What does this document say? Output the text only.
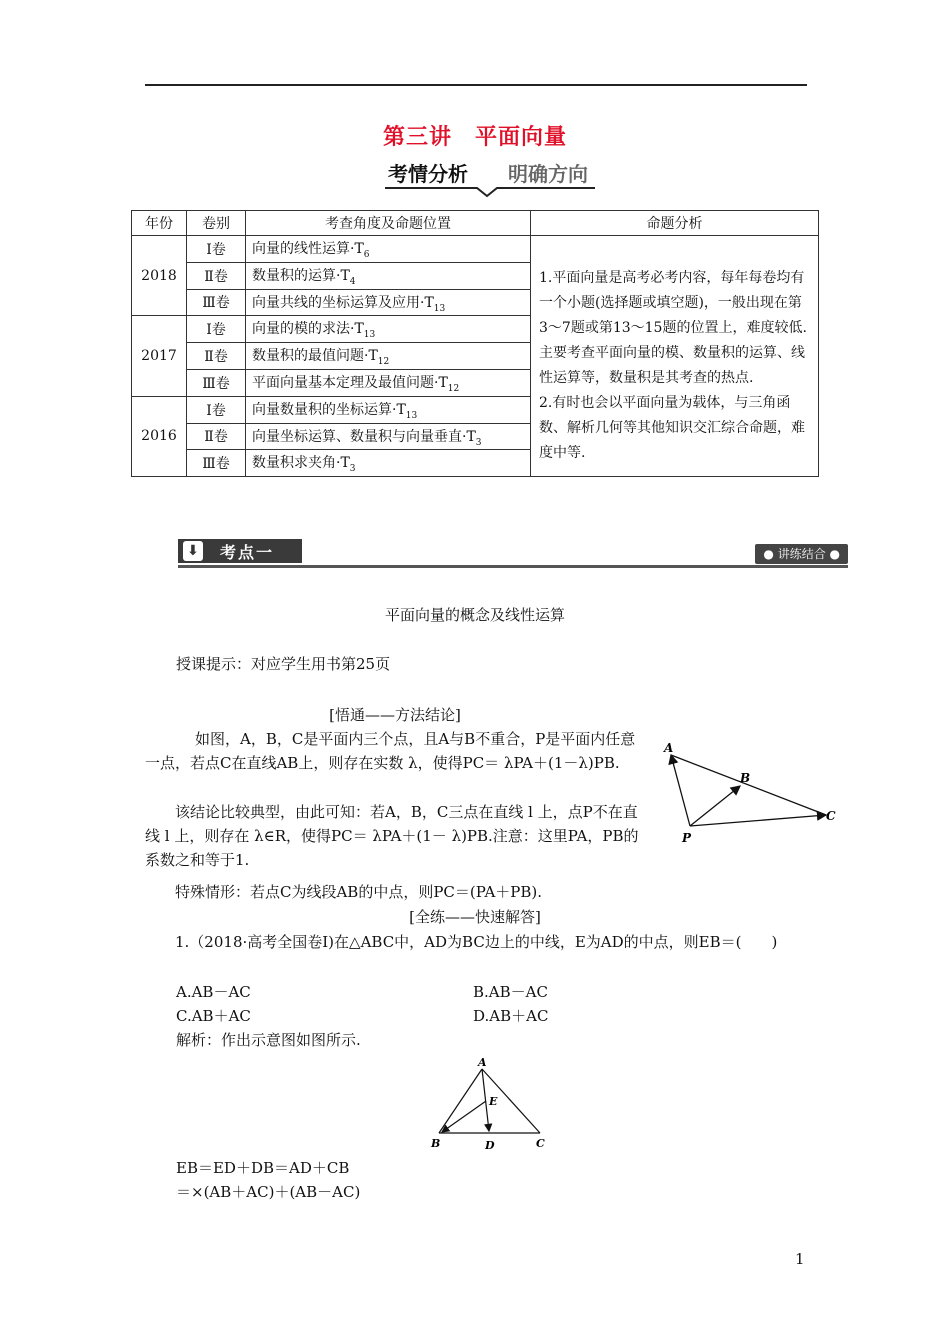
第三讲　平面向量
考情分析 明确方向
年份	卷别	考查角度及命题位置	命题分析
2018	Ⅰ卷	向量的线性运算$\cdot T_6$	1.平面向量是高考必考内容，每年每卷均有一个小题(选择题或填空题)，一般出现在第3～7题或第13～15题的位置上，难度较低.主要考查平面向量的模、数量积的运算、线性运算等，数量积是其考查的热点.
2.有时也会以平面向量为载体，与三角函数、解析几何等其他知识交汇综合命题，难度中等.

	Ⅱ卷	数量积的运算$\cdot T_4$
	Ⅲ卷	向量共线的坐标运算及应用$\cdot T_{13}$
2017	Ⅰ卷	向量的模的求法$\cdot T_{13}$
	Ⅱ卷	数量积的最值问题$\cdot T_{12}$
	Ⅲ卷	平面向量基本定理及最值问题$\cdot T_{12}$
2016	Ⅰ卷	向量数量积的坐标运算$\cdot T_{13}$
	Ⅱ卷	向量坐标运算、数量积与向量垂直$\cdot T_3$

	Ⅲ卷	数量积求夹角$\cdot T_3$
⬇ 考点一	● 讲练结合 ●
平面向量的概念及线性运算
授课提示：对应学生用书第25页
[悟通——方法结论]
如图，A，B，C是平面内三个点，且A与B不重合，P是平面内任意一点，若点C在直线AB上，则存在实数 λ，使得PC＝ λPA＋(1－λ)PB.
该结论比较典型，由此可知：若A，B，C三点在直线 l 上，点P不在直线 l 上，则存在 λ∈R，使得PC＝ λPA＋(1－ λ)PB.注意：这里PA，PB的系数之和等于1.
特殊情形：若点C为线段AB的中点，则PC＝(PA＋PB).
A
B
C
P
[全练——快速解答]
1.（2018·高考全国卷Ⅰ)在△ABC中，AD为BC边上的中线，E为AD的中点，则EB＝(　　)
A.AB－AC	B.AB－AC
C.AB＋AC	D.AB＋AC
解析：作出示意图如图所示.
A
E
B	D	C
EB＝ED＋DB＝AD＋CB
＝×(AB＋AC)＋(AB－AC)
1
